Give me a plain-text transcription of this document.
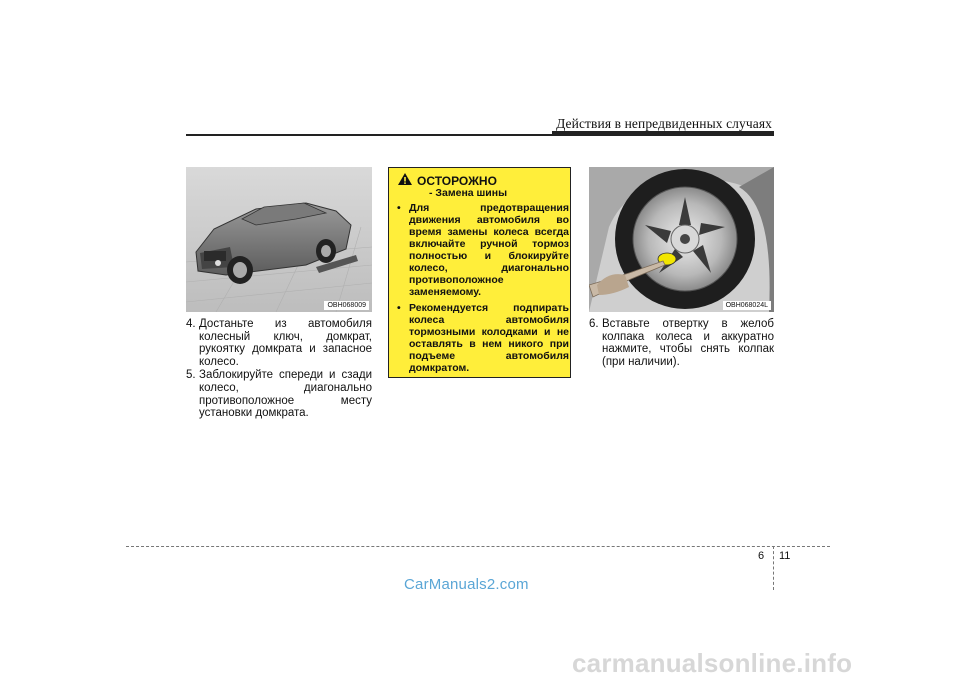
Действия в непредвиденных случаях
OBH068009
4. Достаньте из автомобиля колесный ключ, домкрат, рукоятку домкрата и запасное колесо.
5. Заблокируйте спереди и сзади колесо, диагонально противоположное месту установки домкрата.
ОСТОРОЖНО
- Замена шины
• Для предотвращения движения автомобиля во время замены колеса всегда включайте ручной тормоз полностью и блокируйте колесо, диагонально противоположное заменяемому.
• Рекомендуется подпирать колеса автомобиля тормозными колодками и не оставлять в нем никого при подъеме автомобиля домкратом.
OBH068024L
6. Вставьте отвертку в желоб колпака колеса и аккуратно нажмите, чтобы снять колпак (при наличии).
6 11
CarManuals2.com
carmanualsonline.info
